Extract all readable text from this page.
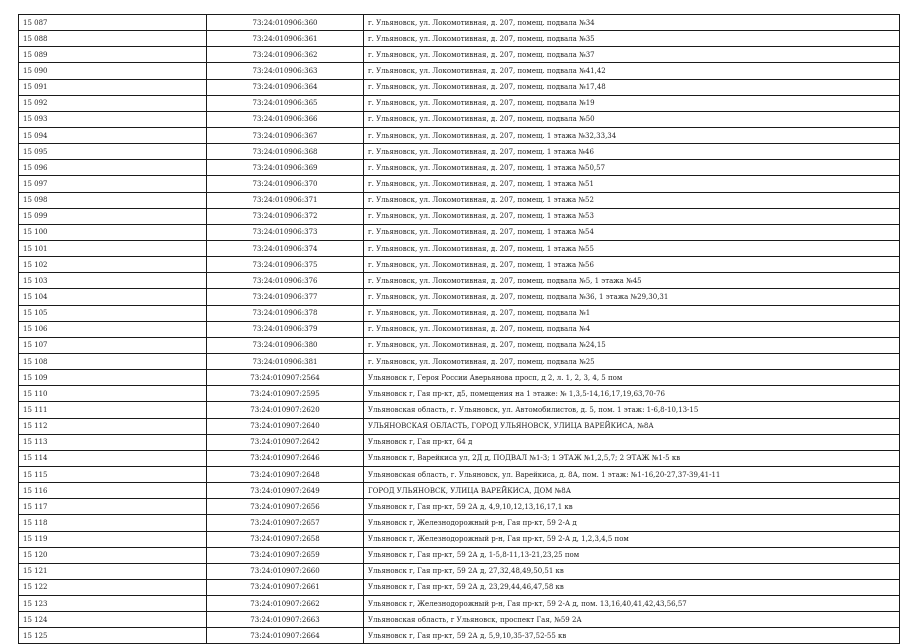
15 087	73:24:010906:360	г. Ульяновск, ул. Локомотивная, д. 207, помещ. подвала №34
15 088	73:24:010906:361	г. Ульяновск, ул. Локомотивная, д. 207, помещ. подвала №35
15 089	73:24:010906:362	г. Ульяновск, ул. Локомотивная, д. 207, помещ. подвала №37
15 090	73:24:010906:363	г. Ульяновск, ул. Локомотивная, д. 207, помещ. подвала №41,42
15 091	73:24:010906:364	г. Ульяновск, ул. Локомотивная, д. 207, помещ. подвала №17,48
15 092	73:24:010906:365	г. Ульяновск, ул. Локомотивная, д. 207, помещ. подвала №19
15 093	73:24:010906:366	г. Ульяновск, ул. Локомотивная, д. 207, помещ. подвала №50
15 094	73:24:010906:367	г. Ульяновск, ул. Локомотивная, д. 207, помещ. 1 этажа №32,33,34
15 095	73:24:010906:368	г. Ульяновск, ул. Локомотивная, д. 207, помещ. 1 этажа №46
15 096	73:24:010906:369	г. Ульяновск, ул. Локомотивная, д. 207, помещ. 1 этажа №50,57
15 097	73:24:010906:370	г. Ульяновск, ул. Локомотивная, д. 207, помещ. 1 этажа №51
15 098	73:24:010906:371	г. Ульяновск, ул. Локомотивная, д. 207, помещ. 1 этажа №52
15 099	73:24:010906:372	г. Ульяновск, ул. Локомотивная, д. 207, помещ. 1 этажа №53
15 100	73:24:010906:373	г. Ульяновск, ул. Локомотивная, д. 207, помещ. 1 этажа №54
15 101	73:24:010906:374	г. Ульяновск, ул. Локомотивная, д. 207, помещ. 1 этажа №55
15 102	73:24:010906:375	г. Ульяновск, ул. Локомотивная, д. 207, помещ. 1 этажа №56
15 103	73:24:010906:376	г. Ульяновск, ул. Локомотивная, д. 207, помещ. подвала №5, 1 этажа №45
15 104	73:24:010906:377	г. Ульяновск, ул. Локомотивная, д. 207, помещ. подвала №36, 1 этажа №29,30,31
15 105	73:24:010906:378	г. Ульяновск, ул. Локомотивная, д. 207, помещ. подвала №1
15 106	73:24:010906:379	г. Ульяновск, ул. Локомотивная, д. 207, помещ. подвала №4
15 107	73:24:010906:380	г. Ульяновск, ул. Локомотивная, д. 207, помещ. подвала №24,15
15 108	73:24:010906:381	г. Ульяновск, ул. Локомотивная, д. 207, помещ. подвала №25
15 109	73:24:010907:2564	Ульяновск г, Героя России Аверьянова просп, д 2, л. 1, 2, 3, 4, 5 пом
15 110	73:24:010907:2595	Ульяновск г, Гая пр-кт, д5, помещения на 1 этаже: № 1,3,5-14,16,17,19,63,70-76
15 111	73:24:010907:2620	Ульяновская область, г. Ульяновск, ул. Автомобилистов, д. 5, пом. 1 этаж: 1-6,8-10,13-15
15 112	73:24:010907:2640	УЛЬЯНОВСКАЯ ОБЛАСТЬ, ГОРОД УЛЬЯНОВСК, УЛИЦА ВАРЕЙКИСА, №8А
15 113	73:24:010907:2642	Ульяновск г, Гая пр-кт, 64 д
15 114	73:24:010907:2646	Ульяновск г, Варейкиса ул, 2Д д, ПОДВАЛ №1-3; 1 ЭТАЖ №1,2,5,7; 2 ЭТАЖ №1-5 кв
15 115	73:24:010907:2648	Ульяновская область, г. Ульяновск, ул. Варейкиса, д. 8А, пом. 1 этаж: №1-16,20-27,37-39,41-11
15 116	73:24:010907:2649	ГОРОД УЛЬЯНОВСК, УЛИЦА ВАРЕЙКИСА, ДОМ №8А
15 117	73:24:010907:2656	Ульяновск г, Гая пр-кт, 59 2А д, 4,9,10,12,13,16,17,1 кв
15 118	73:24:010907:2657	Ульяновск г, Железнодорожный р-н, Гая пр-кт, 59 2-А д
15 119	73:24:010907:2658	Ульяновск г, Железнодорожный р-н, Гая пр-кт, 59 2-А д, 1,2,3,4,5 пом
15 120	73:24:010907:2659	Ульяновск г, Гая пр-кт, 59 2А д, 1-5,8-11,13-21,23,25 пом
15 121	73:24:010907:2660	Ульяновск г, Гая пр-кт, 59 2А д, 27,32,48,49,50,51 кв
15 122	73:24:010907:2661	Ульяновск г, Гая пр-кт, 59 2А д, 23,29,44,46,47,58 кв
15 123	73:24:010907:2662	Ульяновск г, Железнодорожный р-н, Гая пр-кт, 59 2-А д, пом. 13,16,40,41,42,43,56,57
15 124	73:24:010907:2663	Ульяновская область, г Ульяновск, проспект Гая, №59 2А
15 125	73:24:010907:2664	Ульяновск г, Гая пр-кт, 59 2А д, 5,9,10,35-37,52-55 кв
